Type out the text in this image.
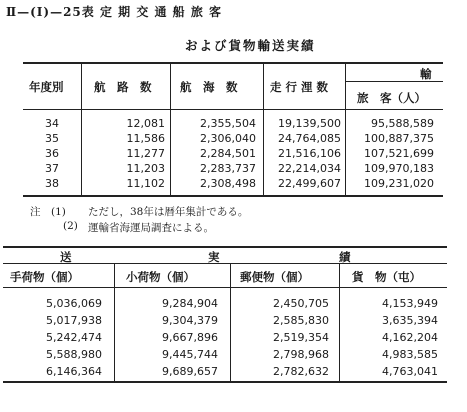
Ⅱ—(Ⅰ)—25表 定 期 交 通 船 旅 客
および貨物輸送実績
年度別	航　路　数 航　海　数	走 行 浬 数
輸
旅　客（人）
34	12,081	2,355,504	19,139,500	95,588,589
35	11,586	2,306,040	24,764,085	100,887,375
36	11,277	2,284,501	21,516,106	107,521,699
37	11,203	2,283,737	22,214,034	109,970,183
38	11,102	2,308,498	22,499,607	109,231,020
注　(1) ただし，38年は暦年集計である。
(2) 運輸省海運局調査による。
送	実	績
手荷物（個）	小荷物（個）	郵便物（個）	貨　物（屯）
5,036,069	9,284,904	2,450,705	4,153,949
5,017,938	9,304,379	2,585,830	3,635,394
5,242,474	9,667,896	2,519,354	4,162,204
5,588,980	9,445,744	2,798,968	4,983,585
6,146,364	9,689,657	2,782,632	4,763,041
